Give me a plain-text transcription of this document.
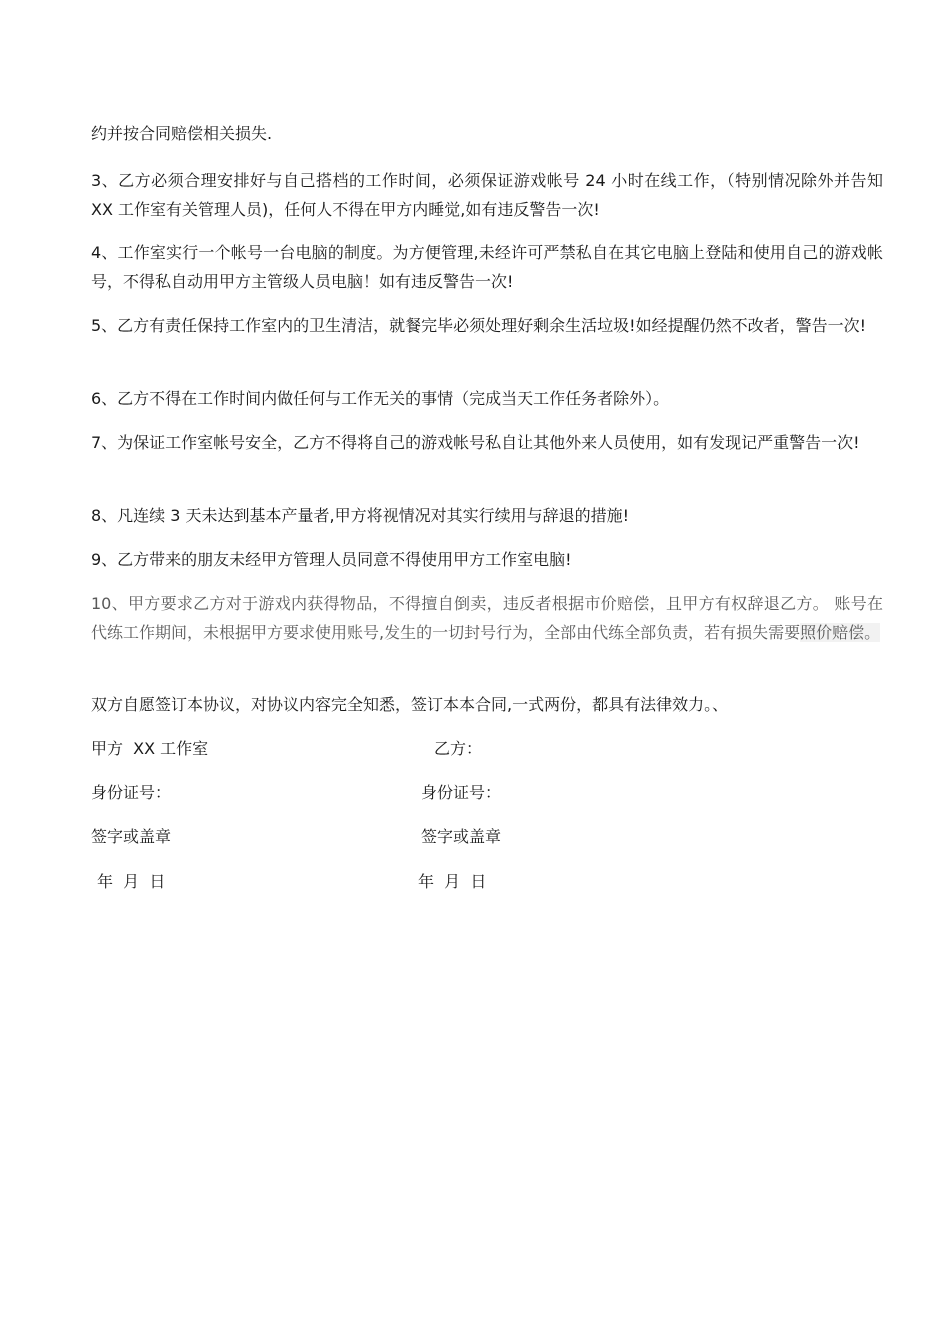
约并按合同赔偿相关损失.

3、乙方必须合理安排好与自己搭档的工作时间，必须保证游戏帐号 24 小时在线工作，（特别情况除外并告知 XX 工作室有关管理人员)，任何人不得在甲方内睡觉,如有违反警告一次!

4、工作室实行一个帐号一台电脑的制度。为方便管理,未经许可严禁私自在其它电脑上登陆和使用自己的游戏帐号，不得私自动用甲方主管级人员电脑！如有违反警告一次!

5、乙方有责任保持工作室内的卫生清洁，就餐完毕必须处理好剩余生活垃圾!如经提醒仍然不改者，警告一次!

6、乙方不得在工作时间内做任何与工作无关的事情（完成当天工作任务者除外）。

7、为保证工作室帐号安全，乙方不得将自己的游戏帐号私自让其他外来人员使用，如有发现记严重警告一次!

8、凡连续 3 天未达到基本产量者,甲方将视情况对其实行续用与辞退的措施!

9、乙方带来的朋友未经甲方管理人员同意不得使用甲方工作室电脑!

10、甲方要求乙方对于游戏内获得物品，不得擅自倒卖，违反者根据市价赔偿，且甲方有权辞退乙方。 账号在代练工作期间，未根据甲方要求使用账号,发生的一切封号行为，全部由代练全部负责，若有损失需要照价赔偿。

双方自愿签订本协议，对协议内容完全知悉，签订本本合同,一式两份，都具有法律效力。、

甲方  XX 工作室	乙方：
身份证号：	身份证号：
签字或盖章	签字或盖章
年  月  日	年  月  日
